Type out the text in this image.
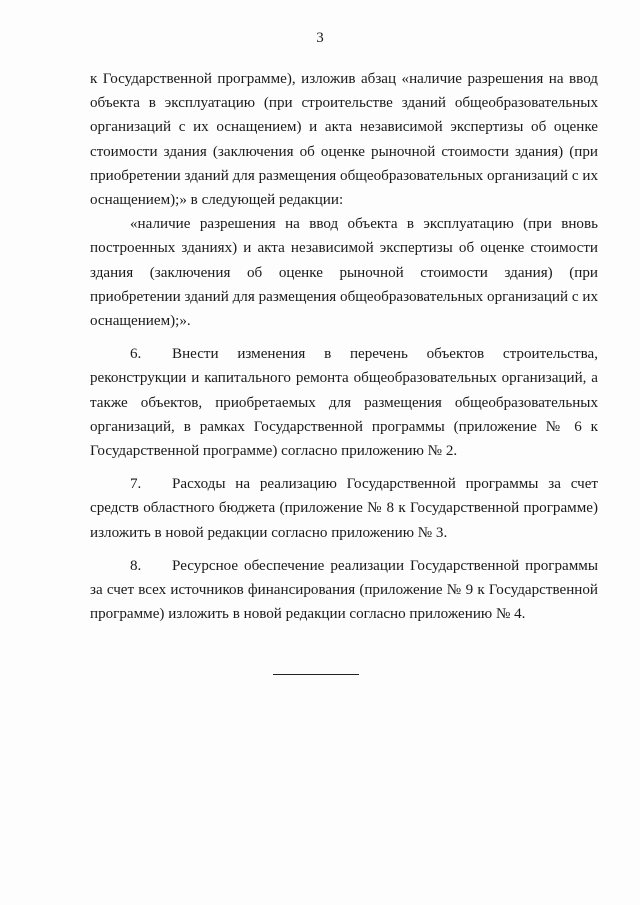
3

к Государственной программе), изложив абзац «наличие разрешения на ввод объекта в эксплуатацию (при строительстве зданий общеобразовательных организаций с их оснащением) и акта независимой экспертизы об оценке стоимости здания (заключения об оценке рыночной стоимости здания) (при приобретении зданий для размещения общеобразовательных организаций с их оснащением);» в следующей редакции:

«наличие разрешения на ввод объекта в эксплуатацию (при вновь построенных зданиях) и акта независимой экспертизы об оценке стоимости здания (заключения об оценке рыночной стоимости здания) (при приобретении зданий для размещения общеобразовательных организаций с их оснащением);».

6. Внести изменения в перечень объектов строительства, реконструкции и капитального ремонта общеобразовательных организаций, а также объектов, приобретаемых для размещения общеобразовательных организаций, в рамках Государственной программы (приложение № 6 к Государственной программе) согласно приложению № 2.

7. Расходы на реализацию Государственной программы за счет средств областного бюджета (приложение № 8 к Государственной программе) изложить в новой редакции согласно приложению № 3.

8. Ресурсное обеспечение реализации Государственной программы за счет всех источников финансирования (приложение № 9 к Государственной программе) изложить в новой редакции согласно приложению № 4.
